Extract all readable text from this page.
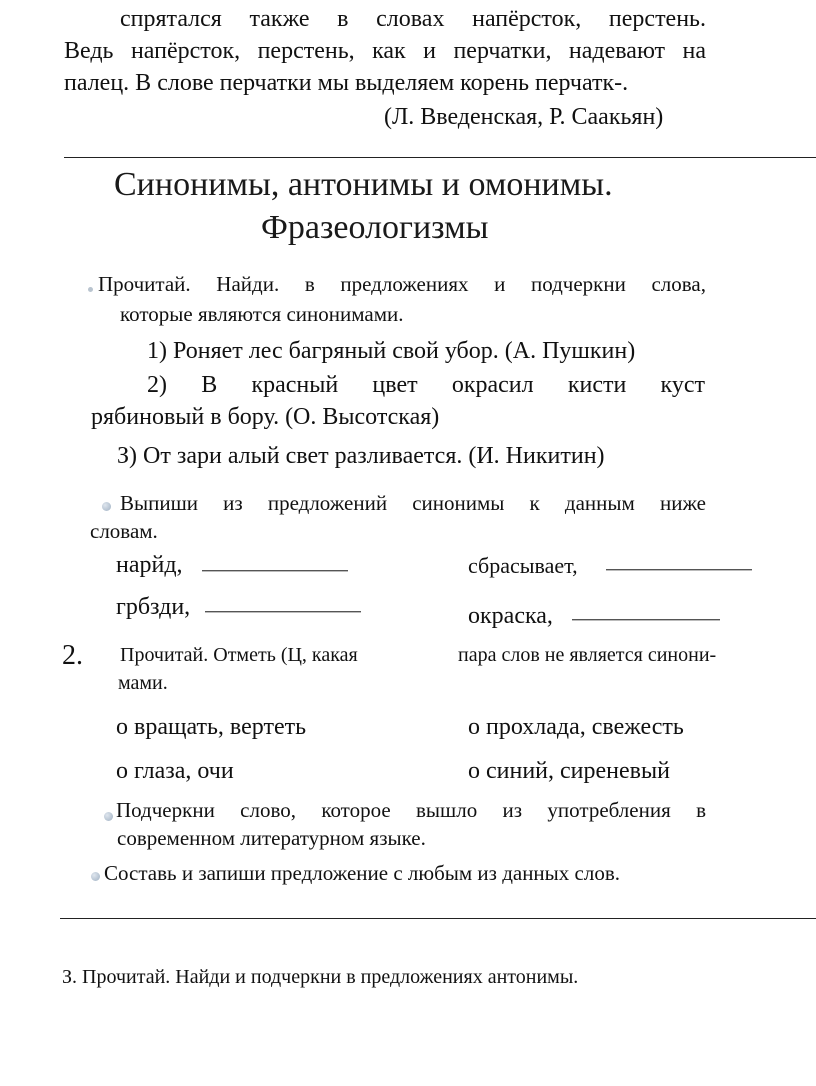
спрятался также в словах напёрсток, перстень.
Ведь напёрсток, перстень, как и перчатки, надевают на
палец. В слове перчатки мы выделяем корень перчатк-.
(Л. Введенская, Р. Саакьян)
Синонимы, антонимы и омонимы.
Фразеологизмы
Прочитай. Найди. в предложениях и подчеркни слова,
которые являются синонимами.
1) Роняет лес багряный свой убор. (А. Пушкин)
2) В красный цвет окрасил кисти куст
рябиновый в бору. (О. Высотская)
З) От зари алый свет разливается. (И. Никитин)
Выпиши из предложений синонимы к данным ниже
словам.
нарйд,	сбрасывает,
грбзди,	окраска,
2. Прочитай. Отметь (Ц, какая	пара слов не является синони-
мами.
о вращать, вертеть	о прохлада, свежесть
о глаза, очи	о синий, сиреневый
Подчеркни слово, которое вышло из употребления в
современном литературном языке.
Составь и запиши предложение с любым из данных слов.
З. Прочитай. Найди и подчеркни в предложениях антонимы.
